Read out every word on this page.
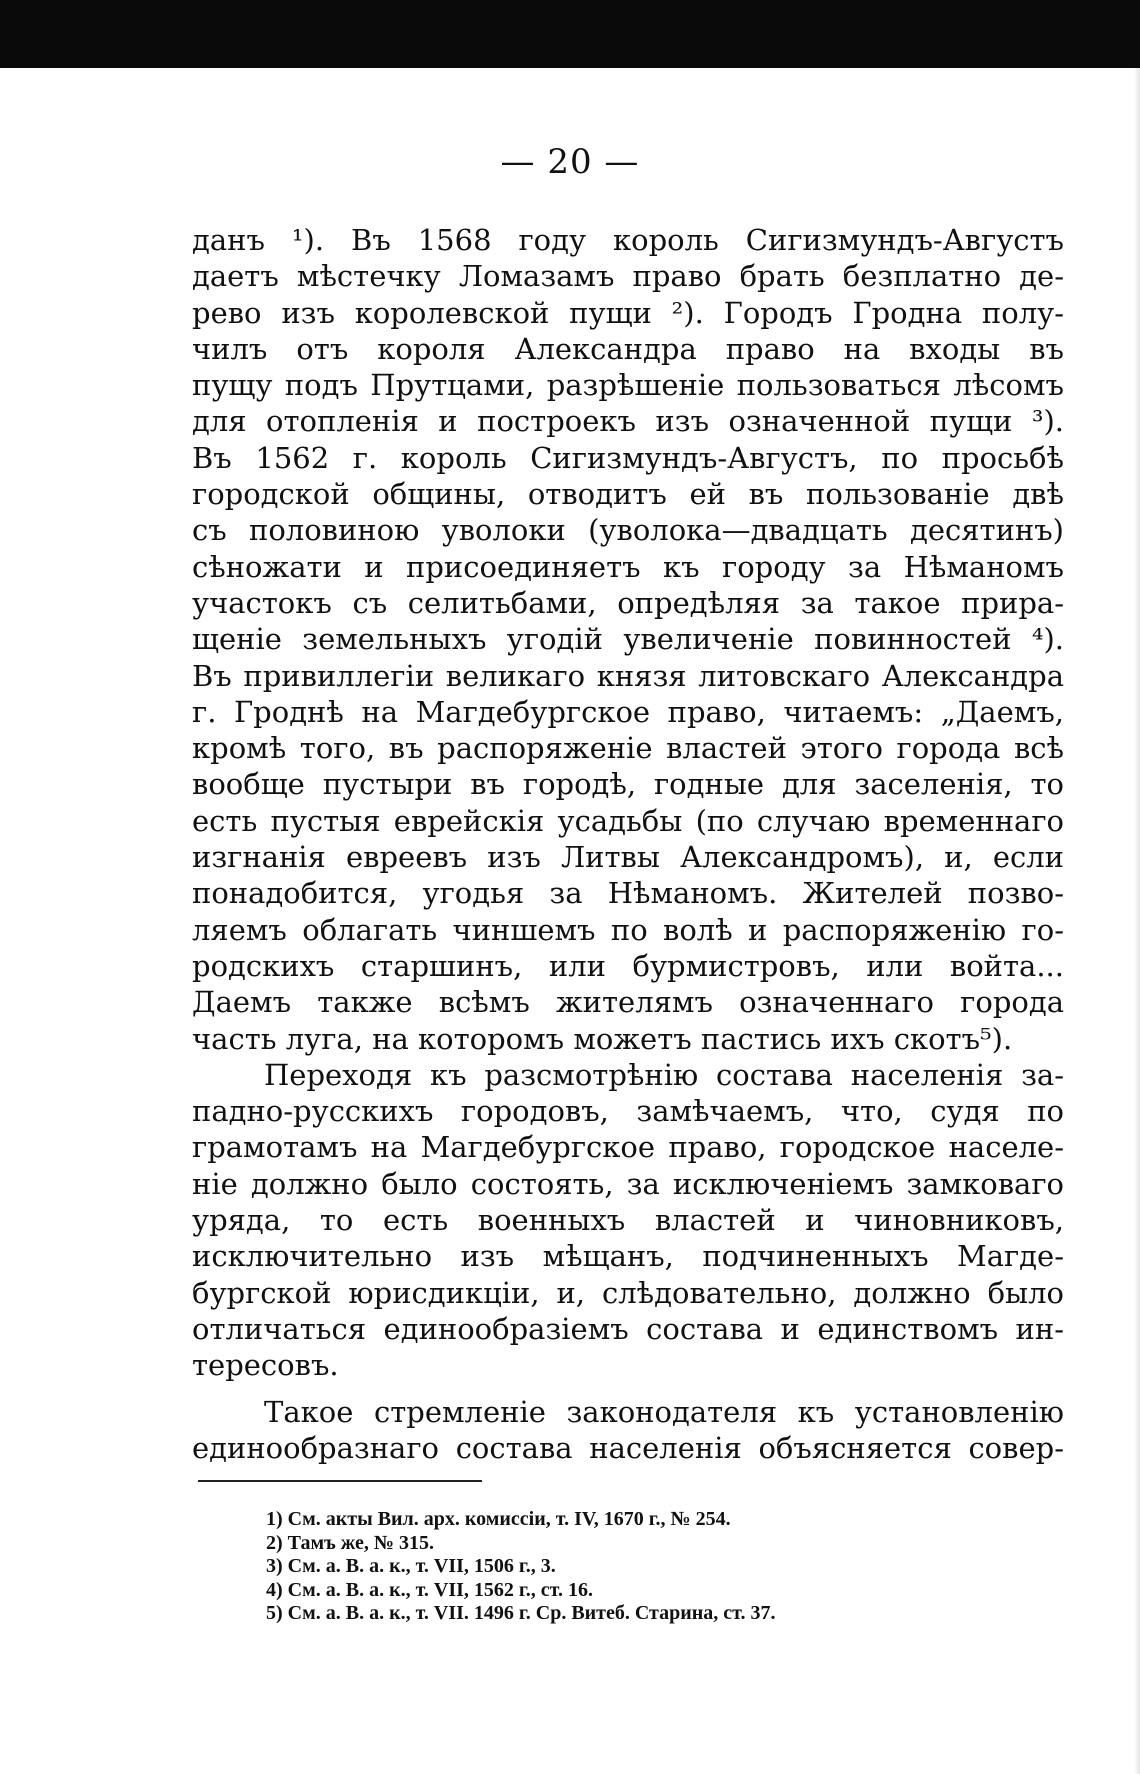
— 20 —
данъ ¹). Въ 1568 году король Сигизмундъ-Августъ
даетъ мѣстечку Ломазамъ право брать безплатно де-
рево изъ королевской пущи ²). Городъ Гродна полу-
чилъ отъ короля Александра право на входы въ
пущу подъ Прутцами, разрѣшеніе пользоваться лѣсомъ
для отопленія и построекъ изъ означенной пущи ³).
Въ 1562 г. король Сигизмундъ-Августъ, по просьбѣ
городской общины, отводитъ ей въ пользованіе двѣ
съ половиною уволоки (уволока—двадцать десятинъ)
сѣножати и присоединяетъ къ городу за Нѣманомъ
участокъ съ селитьбами, опредѣляя за такое прира-
щеніе земельныхъ угодій увеличеніе повинностей ⁴).
Въ привиллегіи великаго князя литовскаго Александра
г. Гроднѣ на Магдебургское право, читаемъ: „Даемъ,
кромѣ того, въ распоряженіе властей этого города всѣ
вообще пустыри въ городѣ, годные для заселенія, то
есть пустыя еврейскія усадьбы (по случаю временнаго
изгнанія евреевъ изъ Литвы Александромъ), и, если
понадобится, угодья за Нѣманомъ. Жителей позво-
ляемъ облагать чиншемъ по волѣ и распоряженію го-
родскихъ старшинъ, или бурмистровъ, или войта...
Даемъ также всѣмъ жителямъ означеннаго города
часть луга, на которомъ можетъ пастись ихъ скотъ⁵).
Переходя къ разсмотрѣнію состава населенія за-
падно-русскихъ городовъ, замѣчаемъ, что, судя по
грамотамъ на Магдебургское право, городское населе-
ніе должно было состоять, за исключеніемъ замковаго
уряда, то есть военныхъ властей и чиновниковъ,
исключительно изъ мѣщанъ, подчиненныхъ Магде-
бургской юрисдикціи, и, слѣдовательно, должно было
отличаться единообразіемъ состава и единствомъ ин-
тересовъ.
Такое стремленіе законодателя къ установленію
единообразнаго состава населенія объясняется совер-
1) См. акты Вил. арх. комиссіи, т. IV, 1670 г., № 254.
2) Тамъ же, № 315.
3) См. а. В. а. к., т. VII, 1506 г., 3.
4) См. а. В. а. к., т. VII, 1562 г., ст. 16.
5) См. а. В. а. к., т. VII. 1496 г. Ср. Витеб. Старина, ст. 37.
